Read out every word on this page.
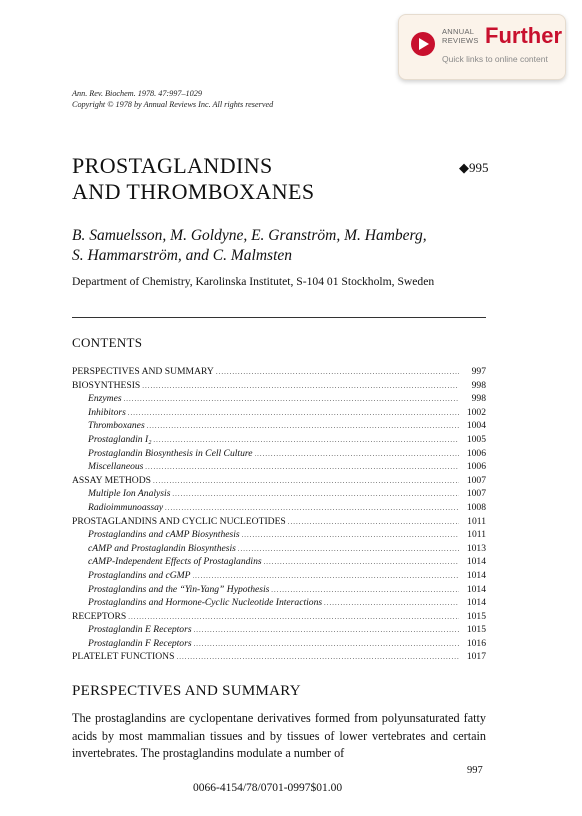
ANNUAL
REVIEWS Further
Quick links to online content
Ann. Rev. Biochem. 1978. 47:997–1029
Copyright © 1978 by Annual Reviews Inc. All rights reserved
PROSTAGLANDINS
AND THROMBOXANES
◆995
B. Samuelsson, M. Goldyne, E. Granström, M. Hamberg,
S. Hammarström, and C. Malmsten
Department of Chemistry, Karolinska Institutet, S-104 01 Stockholm, Sweden
CONTENTS
PERSPECTIVES AND SUMMARY .....	997
BIOSYNTHESIS .....	998
Enzymes .....	998
Inhibitors .....	1002
Thromboxanes .....	1004
Prostaglandin I₂ .....	1005
Prostaglandin Biosynthesis in Cell Culture .....	1006
Miscellaneous .....	1006
ASSAY METHODS .....	1007
Multiple Ion Analysis .....	1007
Radioimmunoassay .....	1008
PROSTAGLANDINS AND CYCLIC NUCLEOTIDES .....	1011
Prostaglandins and cAMP Biosynthesis .....	1011
cAMP and Prostaglandin Biosynthesis .....	1013
cAMP-Independent Effects of Prostaglandins .....	1014
Prostaglandins and cGMP .....	1014
Prostaglandins and the “Yin-Yang” Hypothesis .....	1014
Prostaglandins and Hormone-Cyclic Nucleotide Interactions .....	1014
RECEPTORS .....	1015
Prostaglandin E Receptors .....	1015
Prostaglandin F Receptors .....	1016
PLATELET FUNCTIONS .....	1017
PERSPECTIVES AND SUMMARY
The prostaglandins are cyclopentane derivatives formed from polyunsaturated fatty acids by most mammalian tissues and by tissues of lower vertebrates and certain invertebrates. The prostaglandins modulate a number of
997
0066-4154/78/0701-0997$01.00
